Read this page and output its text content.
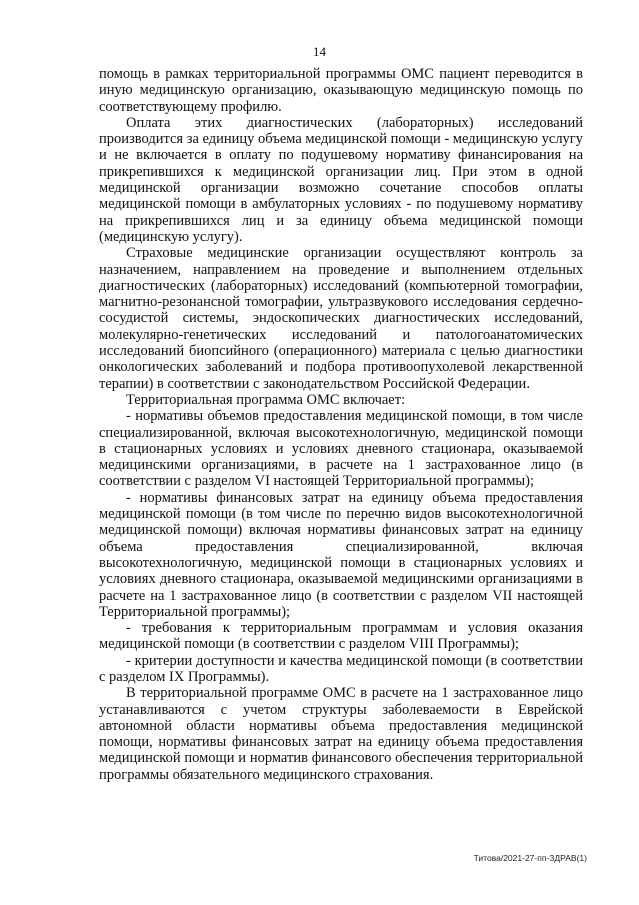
14

помощь в рамках территориальной программы ОМС пациент переводится в иную медицинскую организацию, оказывающую медицинскую помощь по соответствующему профилю.

Оплата этих диагностических (лабораторных) исследований производится за единицу объема медицинской помощи - медицинскую услугу и не включается в оплату по подушевому нормативу финансирования на прикрепившихся к медицинской организации лиц. При этом в одной медицинской организации возможно сочетание способов оплаты медицинской помощи в амбулаторных условиях - по подушевому нормативу на прикрепившихся лиц и за единицу объема медицинской помощи (медицинскую услугу).

Страховые медицинские организации осуществляют контроль за назначением, направлением на проведение и выполнением отдельных диагностических (лабораторных) исследований (компьютерной томографии, магнитно-резонансной томографии, ультразвукового исследования сердечно-сосудистой системы, эндоскопических диагностических исследований, молекулярно-генетических исследований и патологоанатомических исследований биопсийного (операционного) материала с целью диагностики онкологических заболеваний и подбора противоопухолевой лекарственной терапии) в соответствии с законодательством Российской Федерации.

Территориальная программа ОМС включает:

- нормативы объемов предоставления медицинской помощи, в том числе специализированной, включая высокотехнологичную, медицинской помощи в стационарных условиях и условиях дневного стационара, оказываемой медицинскими организациями, в расчете на 1 застрахованное лицо (в соответствии с разделом VI настоящей Территориальной программы);

- нормативы финансовых затрат на единицу объема предоставления медицинской помощи (в том числе по перечню видов высокотехнологичной медицинской помощи) включая нормативы финансовых затрат на единицу объема предоставления специализированной, включая высокотехнологичную, медицинской помощи в стационарных условиях и условиях дневного стационара, оказываемой медицинскими организациями в расчете на 1 застрахованное лицо (в соответствии с разделом VII настоящей Территориальной программы);

- требования к территориальным программам и условия оказания медицинской помощи (в соответствии с разделом VIII Программы);

- критерии доступности и качества медицинской помощи (в соответствии с разделом IX Программы).

В территориальной программе ОМС в расчете на 1 застрахованное лицо устанавливаются с учетом структуры заболеваемости в Еврейской автономной области нормативы объема предоставления медицинской помощи, нормативы финансовых затрат на единицу объема предоставления медицинской помощи и норматив финансового обеспечения территориальной программы обязательного медицинского страхования.

Титова/2021-27-пп-ЗДРАВ(1)
